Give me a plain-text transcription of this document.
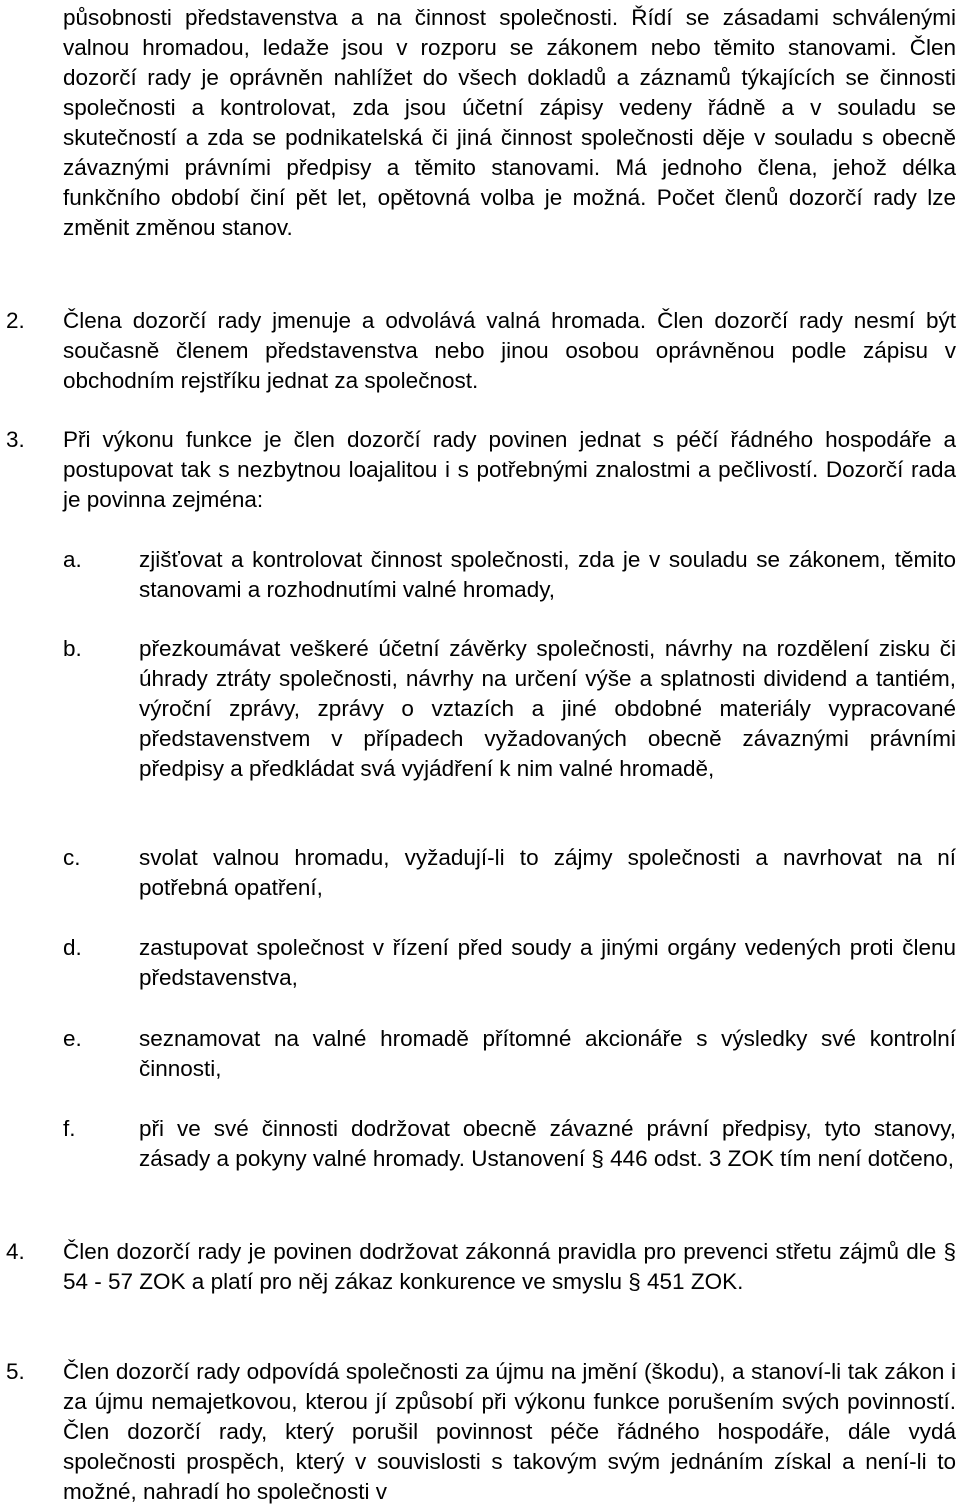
působnosti představenstva a na činnost společnosti. Řídí se zásadami schválenými valnou hromadou, ledaže jsou v rozporu se zákonem nebo těmito stanovami. Člen dozorčí rady je oprávněn nahlížet do všech dokladů a záznamů týkajících se činnosti společnosti a kontrolovat, zda jsou účetní zápisy vedeny řádně a v souladu se skutečností a zda se podnikatelská či jiná činnost společnosti děje v souladu s obecně závaznými právními předpisy a těmito stanovami. Má jednoho člena, jehož délka funkčního období činí pět let, opětovná volba je možná. Počet členů dozorčí rady lze změnit změnou stanov.

2. Člena dozorčí rady jmenuje a odvolává valná hromada. Člen dozorčí rady nesmí být současně členem představenstva nebo jinou osobou oprávněnou podle zápisu v obchodním rejstříku jednat za společnost.

3. Při výkonu funkce je člen dozorčí rady povinen jednat s péčí řádného hospodáře a postupovat tak s nezbytnou loajalitou i s potřebnými znalostmi a pečlivostí. Dozorčí rada je povinna zejména:

a.	zjišťovat a kontrolovat činnost společnosti, zda je v souladu se zákonem, těmito stanovami a rozhodnutími valné hromady,

b.	přezkoumávat veškeré účetní závěrky společnosti, návrhy na rozdělení zisku či úhrady ztráty společnosti, návrhy na určení výše a splatnosti dividend a tantiém, výroční zprávy, zprávy o vztazích a jiné obdobné materiály vypracované představenstvem v případech vyžadovaných obecně závaznými právními předpisy a předkládat svá vyjádření k nim valné hromadě,

c.	svolat valnou hromadu, vyžadují-li to zájmy společnosti a navrhovat na ní potřebná opatření,

d.	zastupovat společnost v řízení před soudy a jinými orgány vedených proti členu představenstva,

e.	seznamovat na valné hromadě přítomné akcionáře s výsledky své kontrolní činnosti,

f.	při ve své činnosti dodržovat obecně závazné právní předpisy, tyto stanovy, zásady a pokyny valné hromady. Ustanovení § 446 odst. 3 ZOK tím není dotčeno,

4. Člen dozorčí rady je povinen dodržovat zákonná pravidla pro prevenci střetu zájmů dle § 54 - 57 ZOK a platí pro něj zákaz konkurence ve smyslu § 451 ZOK.

5. Člen dozorčí rady odpovídá společnosti za újmu na jmění (škodu), a stanoví-li tak zákon i za újmu nemajetkovou, kterou jí způsobí při výkonu funkce porušením svých povinností. Člen dozorčí rady, který porušil povinnost péče řádného hospodáře, dále vydá společnosti prospěch, který v souvislosti s takovým svým jednáním získal a není-li to možné, nahradí ho společnosti v
